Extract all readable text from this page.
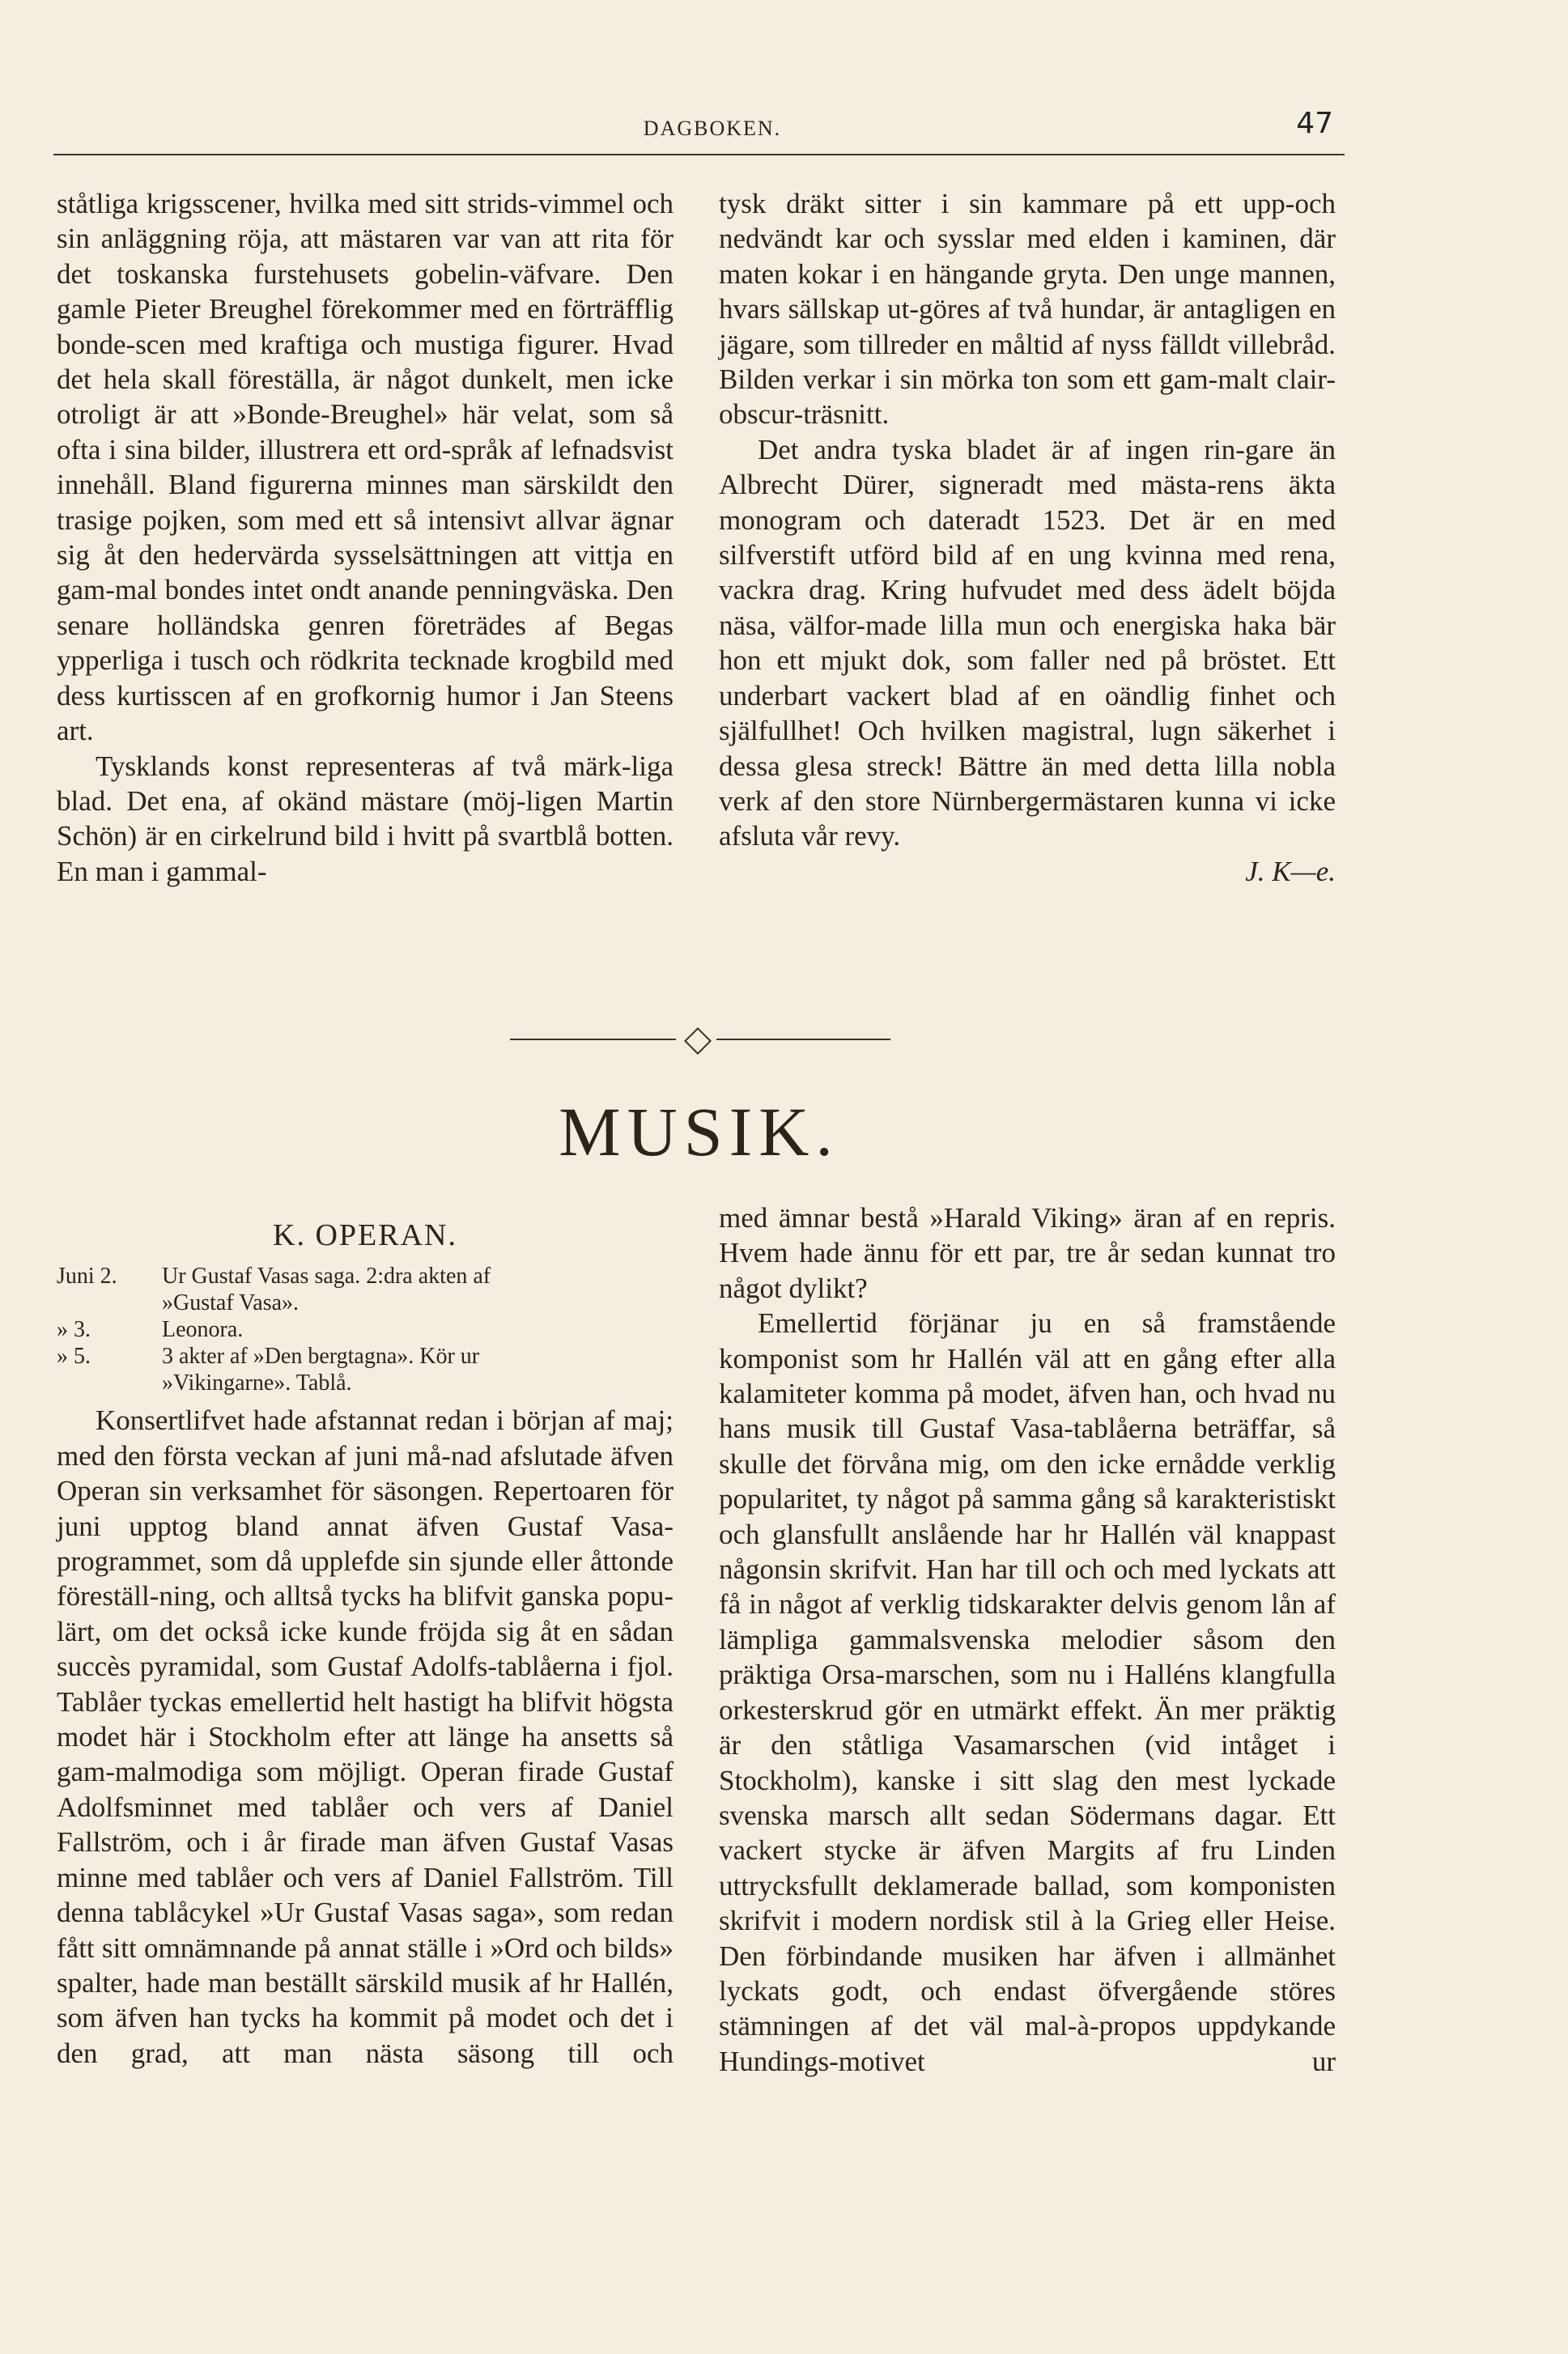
DAGBOKEN.	47

ståtliga krigsscener, hvilka med sitt strids-vimmel och sin anläggning röja, att mästaren var van att rita för det toskanska furstehusets gobelin-väfvare. Den gamle Pieter Breughel förekommer med en förträfflig bonde-scen med kraftiga och mustiga figurer. Hvad det hela skall föreställa, är något dunkelt, men icke otroligt är att »Bonde-Breughel» här velat, som så ofta i sina bilder, illustrera ett ord-språk af lefnadsvist innehåll. Bland figurerna minnes man särskildt den trasige pojken, som med ett så intensivt allvar ägnar sig åt den hedervärda sysselsättningen att vittja en gam-mal bondes intet ondt anande penningväska. Den senare holländska genren företrädes af Begas ypperliga i tusch och rödkrita tecknade krogbild med dess kurtisscen af en grofkornig humor i Jan Steens art.

Tysklands konst representeras af två märk-liga blad. Det ena, af okänd mästare (möj-ligen Martin Schön) är en cirkelrund bild i hvitt på svartblå botten. En man i gammal-

tysk dräkt sitter i sin kammare på ett upp-och nedvändt kar och sysslar med elden i kaminen, där maten kokar i en hängande gryta. Den unge mannen, hvars sällskap ut-göres af två hundar, är antagligen en jägare, som tillreder en måltid af nyss fälldt villebråd. Bilden verkar i sin mörka ton som ett gam-malt clair-obscur-träsnitt.

Det andra tyska bladet är af ingen rin-gare än Albrecht Dürer, signeradt med mästa-rens äkta monogram och dateradt 1523. Det är en med silfverstift utförd bild af en ung kvinna med rena, vackra drag. Kring hufvudet med dess ädelt böjda näsa, välfor-made lilla mun och energiska haka bär hon ett mjukt dok, som faller ned på bröstet. Ett underbart vackert blad af en oändlig finhet och själfullhet! Och hvilken magistral, lugn säkerhet i dessa glesa streck! Bättre än med detta lilla nobla verk af den store Nürnbergermästaren kunna vi icke afsluta vår revy.

J. K—e.
MUSIK.
K. OPERAN.
Juni 2.	Ur Gustaf Vasas saga. 2:dra akten af
»Gustaf Vasa».
» 3.	Leonora.
» 5.	3 akter af »Den bergtagna». Kör ur
»Vikingarne». Tablå.

Konsertlifvet hade afstannat redan i början af maj; med den första veckan af juni må-nad afslutade äfven Operan sin verksamhet för säsongen. Repertoaren för juni upptog bland annat äfven Gustaf Vasa-programmet, som då upplefde sin sjunde eller åttonde föreställ-ning, och alltså tycks ha blifvit ganska popu-lärt, om det också icke kunde fröjda sig åt en sådan succès pyramidal, som Gustaf Adolfs-tablåerna i fjol. Tablåer tyckas emellertid helt hastigt ha blifvit högsta modet här i Stockholm efter att länge ha ansetts så gam-malmodiga som möjligt. Operan firade Gustaf Adolfsminnet med tablåer och vers af Daniel Fallström, och i år firade man äfven Gustaf Vasas minne med tablåer och vers af Daniel Fallström. Till denna tablåcykel »Ur Gustaf Vasas saga», som redan fått sitt omnämnande på annat ställe i »Ord och bilds» spalter, hade man beställt särskild musik af hr Hallén, som äfven han tycks ha kommit på modet och det i den grad, att man nästa säsong till och

med ämnar bestå »Harald Viking» äran af en repris. Hvem hade ännu för ett par, tre år sedan kunnat tro något dylikt?

Emellertid förjänar ju en så framstående komponist som hr Hallén väl att en gång efter alla kalamiteter komma på modet, äfven han, och hvad nu hans musik till Gustaf Vasa-tablåerna beträffar, så skulle det förvåna mig, om den icke ernådde verklig popularitet, ty något på samma gång så karakteristiskt och glansfullt anslående har hr Hallén väl knappast någonsin skrifvit. Han har till och och med lyckats att få in något af verklig tidskarakter delvis genom lån af lämpliga gammalsvenska melodier såsom den präktiga Orsa-marschen, som nu i Halléns klangfulla orkesterskrud gör en utmärkt effekt. Än mer präktig är den ståtliga Vasamarschen (vid intåget i Stockholm), kanske i sitt slag den mest lyckade svenska marsch allt sedan Södermans dagar. Ett vackert stycke är äfven Margits af fru Linden uttrycksfullt deklamerade ballad, som komponisten skrifvit i modern nordisk stil à la Grieg eller Heise. Den förbindande musiken har äfven i allmänhet lyckats godt, och endast öfvergående störes stämningen af det väl mal-à-propos uppdykande Hundings-motivet ur
